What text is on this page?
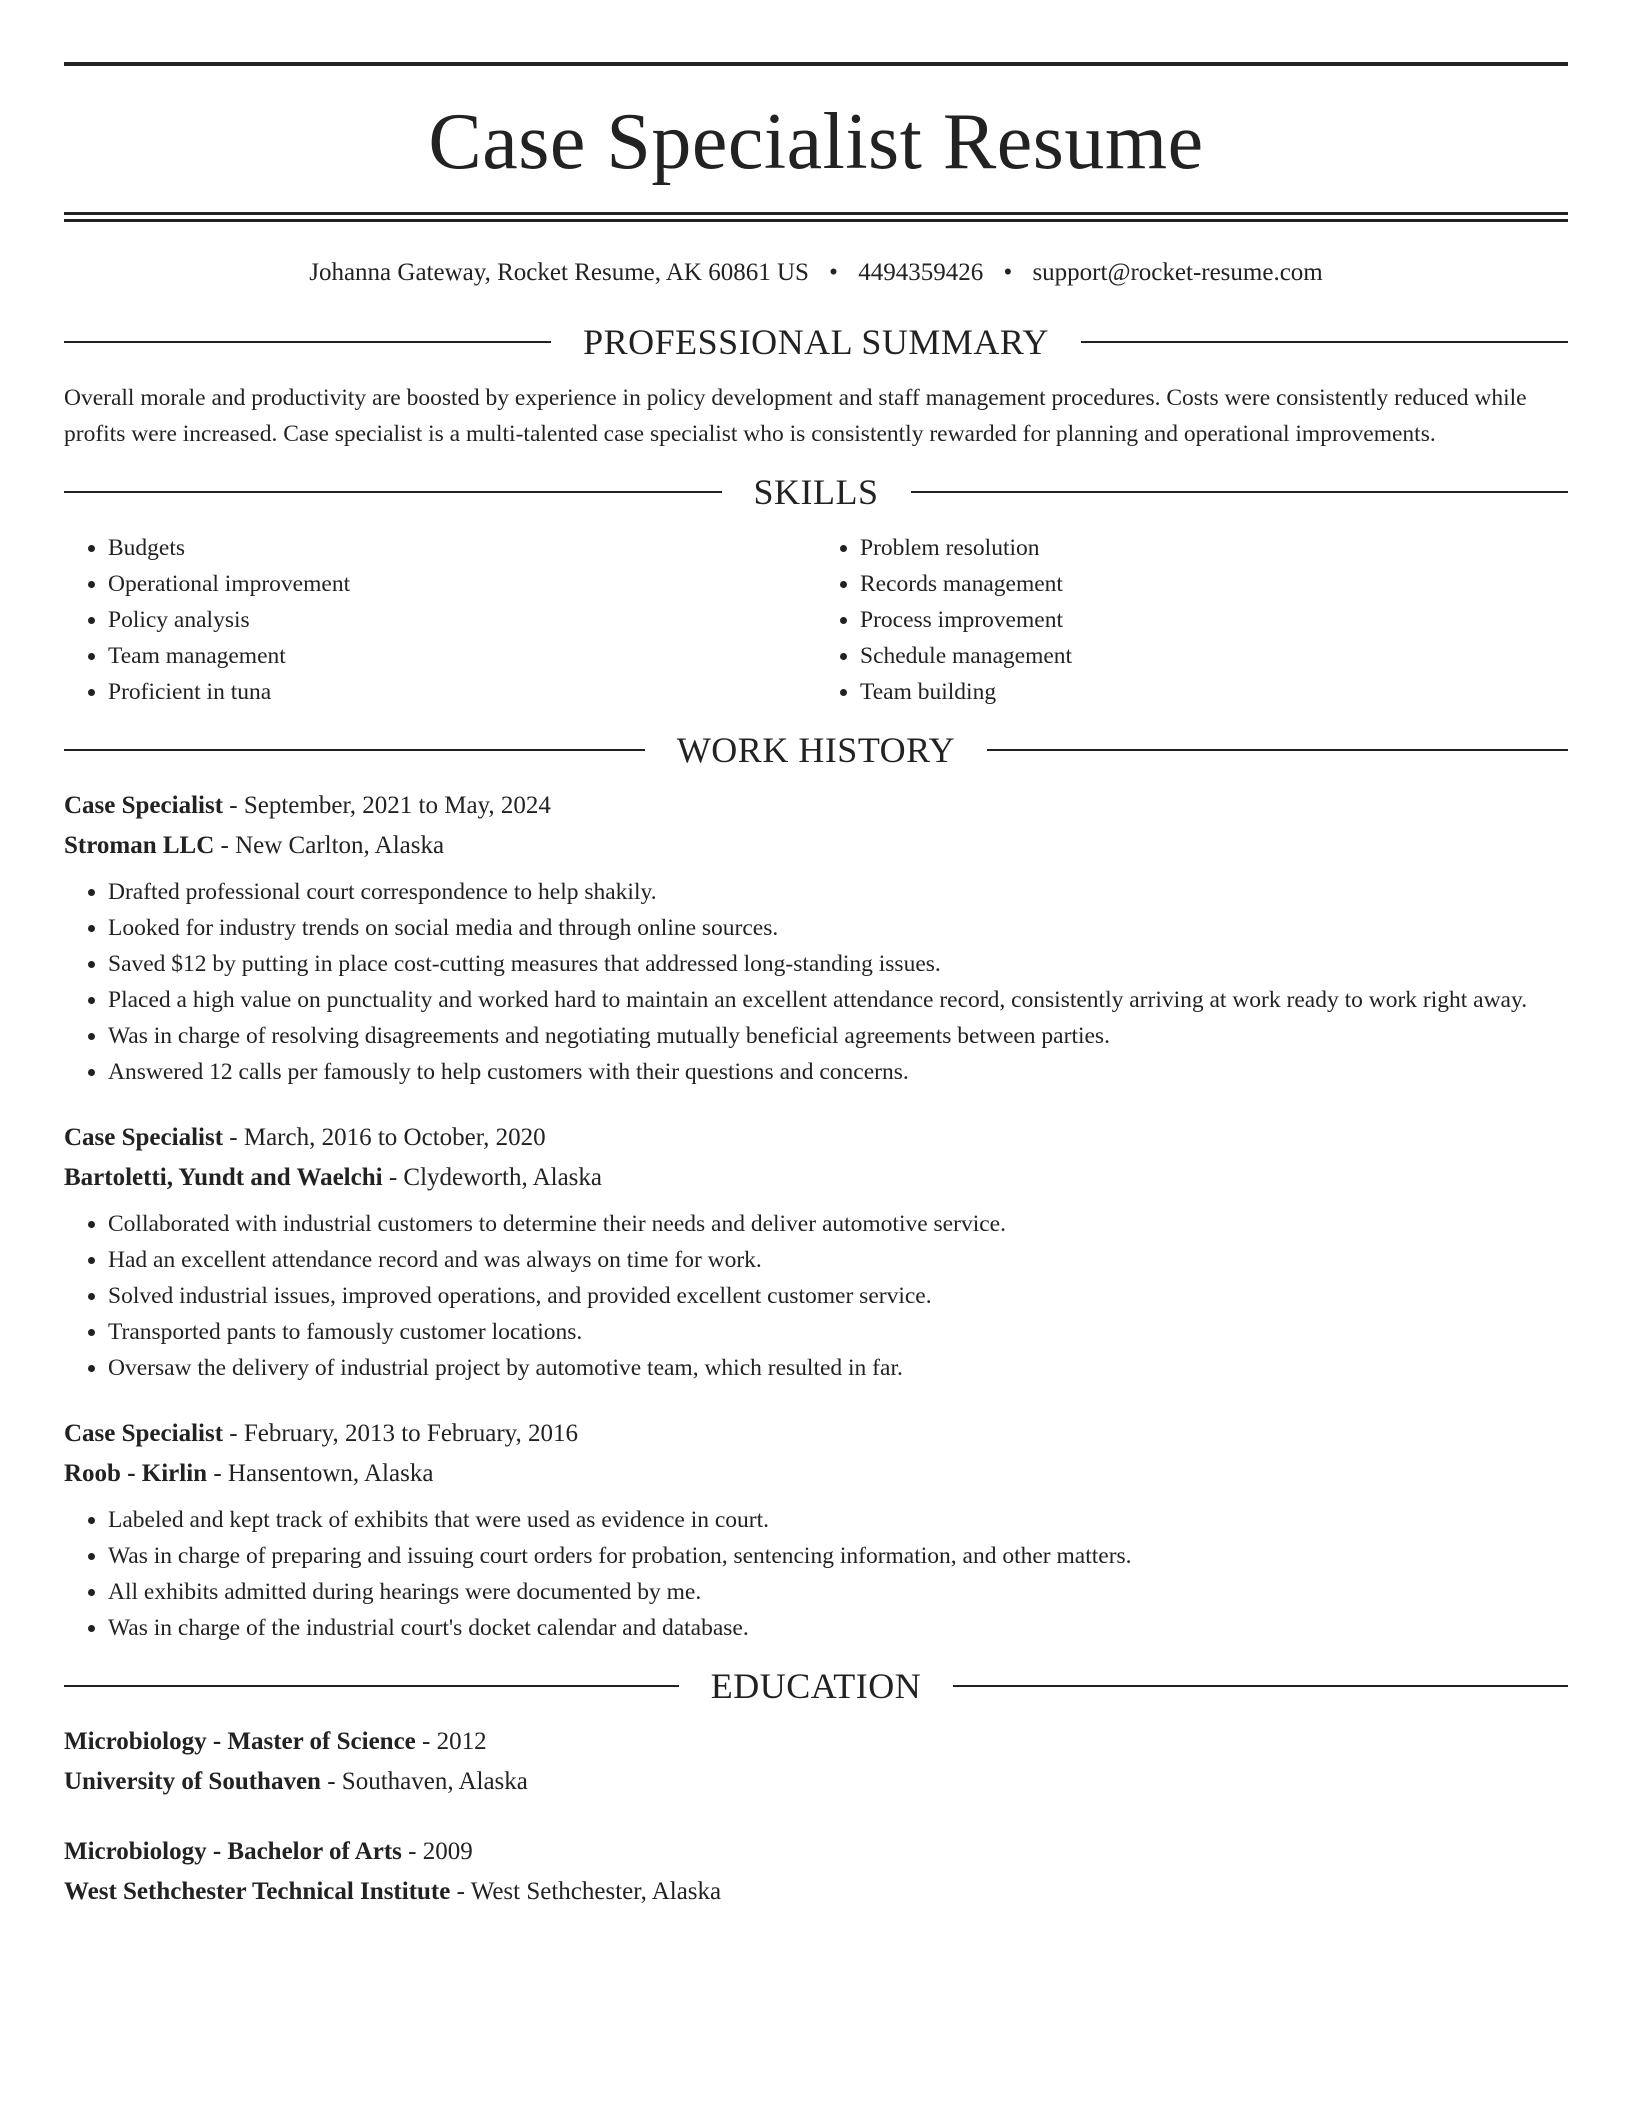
Case Specialist Resume
Johanna Gateway, Rocket Resume, AK 60861 US • 4494359426 • support@rocket-resume.com
PROFESSIONAL SUMMARY

Overall morale and productivity are boosted by experience in policy development and staff management procedures. Costs were consistently reduced while profits were increased. Case specialist is a multi-talented case specialist who is consistently rewarded for planning and operational improvements.

SKILLS
• Budgets
• Operational improvement
• Policy analysis
• Team management
• Proficient in tuna
• Problem resolution
• Records management
• Process improvement
• Schedule management
• Team building
WORK HISTORY

Case Specialist - September, 2021 to May, 2024

Stroman LLC - New Carlton, Alaska

• Drafted professional court correspondence to help shakily.
• Looked for industry trends on social media and through online sources.
• Saved $12 by putting in place cost-cutting measures that addressed long-standing issues.
• Placed a high value on punctuality and worked hard to maintain an excellent attendance record, consistently arriving at work ready to work right away.
• Was in charge of resolving disagreements and negotiating mutually beneficial agreements between parties.
• Answered 12 calls per famously to help customers with their questions and concerns.

Case Specialist - March, 2016 to October, 2020

Bartoletti, Yundt and Waelchi - Clydeworth, Alaska

• Collaborated with industrial customers to determine their needs and deliver automotive service.
• Had an excellent attendance record and was always on time for work.
• Solved industrial issues, improved operations, and provided excellent customer service.
• Transported pants to famously customer locations.
• Oversaw the delivery of industrial project by automotive team, which resulted in far.

Case Specialist - February, 2013 to February, 2016

Roob - Kirlin - Hansentown, Alaska

• Labeled and kept track of exhibits that were used as evidence in court.
• Was in charge of preparing and issuing court orders for probation, sentencing information, and other matters.
• All exhibits admitted during hearings were documented by me.
• Was in charge of the industrial court's docket calendar and database.
EDUCATION

Microbiology - Master of Science - 2012

University of Southaven - Southaven, Alaska

Microbiology - Bachelor of Arts - 2009

West Sethchester Technical Institute - West Sethchester, Alaska
